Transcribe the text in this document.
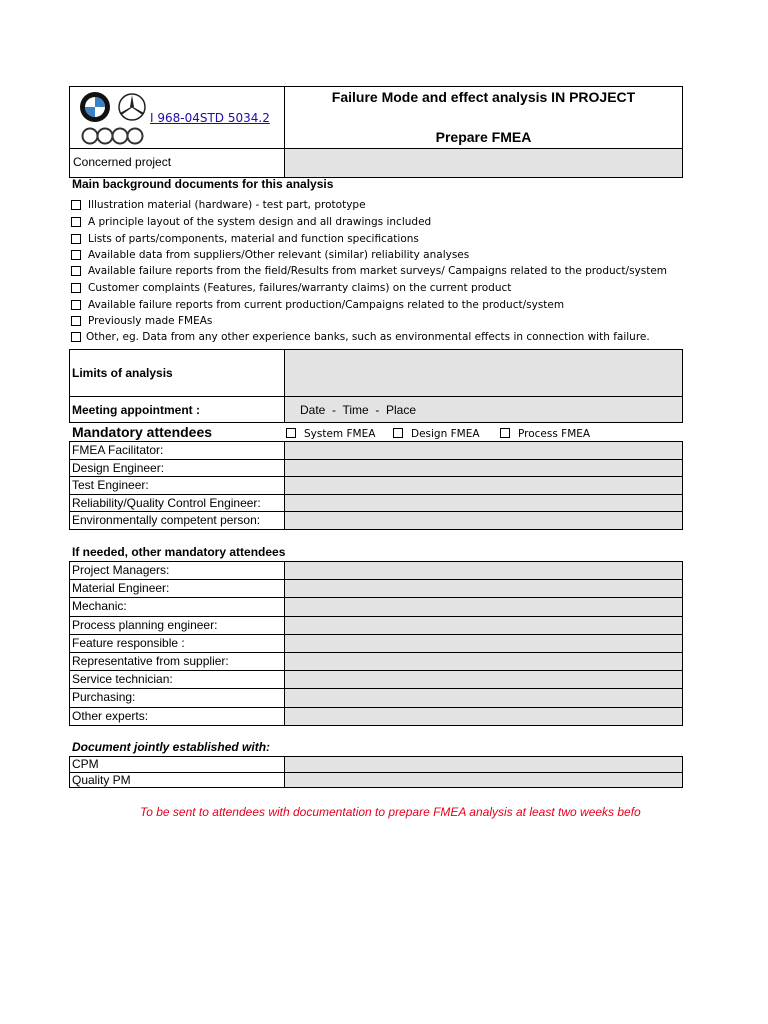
I 968-04STD 5034.2
Failure Mode and effect analysis IN PROJECT
Prepare FMEA
Concerned project
Main background documents for this analysis
Illustration material (hardware) - test part, prototype
A principle layout of the system design and all drawings included
Lists of parts/components, material and function specifications
Available data from suppliers/Other relevant (similar) reliability analyses
Available failure reports from the field/Results from market surveys/ Campaigns related to the product/system
Customer complaints (Features, failures/warranty claims) on the current product
Available failure reports from current production/Campaigns related to the product/system
Previously made FMEAs
Other, eg. Data from any other experience banks, such as environmental effects in connection with failure.
Limits of analysis
Meeting appointment :	Date  -  Time  -  Place
Mandatory attendees	System FMEA	Design FMEA	Process FMEA
FMEA Facilitator:
Design Engineer:
Test Engineer:
Reliability/Quality Control Engineer:
Environmentally competent person:
If needed, other mandatory attendees
Project Managers:
Material Engineer:
Mechanic:
Process planning engineer:
Feature responsible :
Representative from supplier:
Service technician:
Purchasing:
Other experts:
Document jointly established with:
CPM
Quality PM
To be sent to attendees with documentation to prepare FMEA analysis at least two weeks befo
